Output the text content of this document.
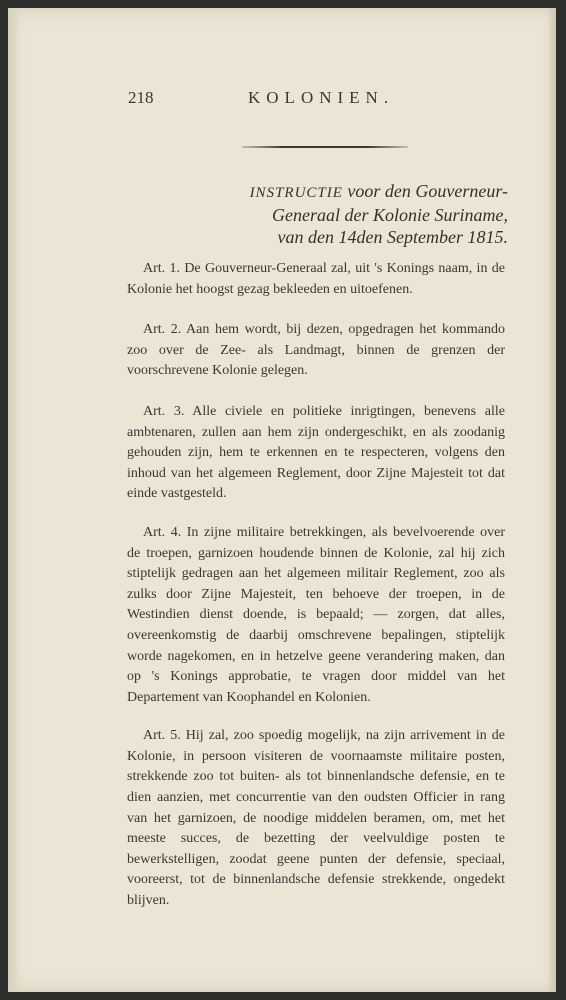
218	KOLONIEN.
INSTRUCTIE voor den Gouverneur-
Generaal der Kolonie Suriname,
van den 14den September 1815.

Art. 1. De Gouverneur-Generaal zal, uit 's Konings naam, in de Kolonie het hoogst gezag bekleeden en uitoefenen.

Art. 2. Aan hem wordt, bij dezen, opgedragen het kommando zoo over de Zee- als Landmagt, binnen de grenzen der voorschrevene Kolonie gelegen.

Art. 3. Alle civiele en politieke inrigtingen, benevens alle ambtenaren, zullen aan hem zijn ondergeschikt, en als zoodanig gehouden zijn, hem te erkennen en te respecteren, volgens den inhoud van het algemeen Reglement, door Zijne Majesteit tot dat einde vastgesteld.

Art. 4. In zijne militaire betrekkingen, als bevelvoerende over de troepen, garnizoen houdende binnen de Kolonie, zal hij zich stiptelijk gedragen aan het algemeen militair Reglement, zoo als zulks door Zijne Majesteit, ten behoeve der troepen, in de Westindien dienst doende, is bepaald; — zorgen, dat alles, overeenkomstig de daarbij omschrevene bepalingen, stiptelijk worde nagekomen, en in hetzelve geene verandering maken, dan op 's Konings approbatie, te vragen door middel van het Departement van Koophandel en Kolonien.

Art. 5. Hij zal, zoo spoedig mogelijk, na zijn arrivement in de Kolonie, in persoon visiteren de voornaamste militaire posten, strekkende zoo tot buiten- als tot binnenlandsche defensie, en te dien aanzien, met concurrentie van den oudsten Officier in rang van het garnizoen, de noodige middelen beramen, om, met het meeste succes, de bezetting der veelvuldige posten te bewerkstelligen, zoodat geene punten der defensie, speciaal, vooreerst, tot de binnenlandsche defensie strekkende, ongedekt blijven.
